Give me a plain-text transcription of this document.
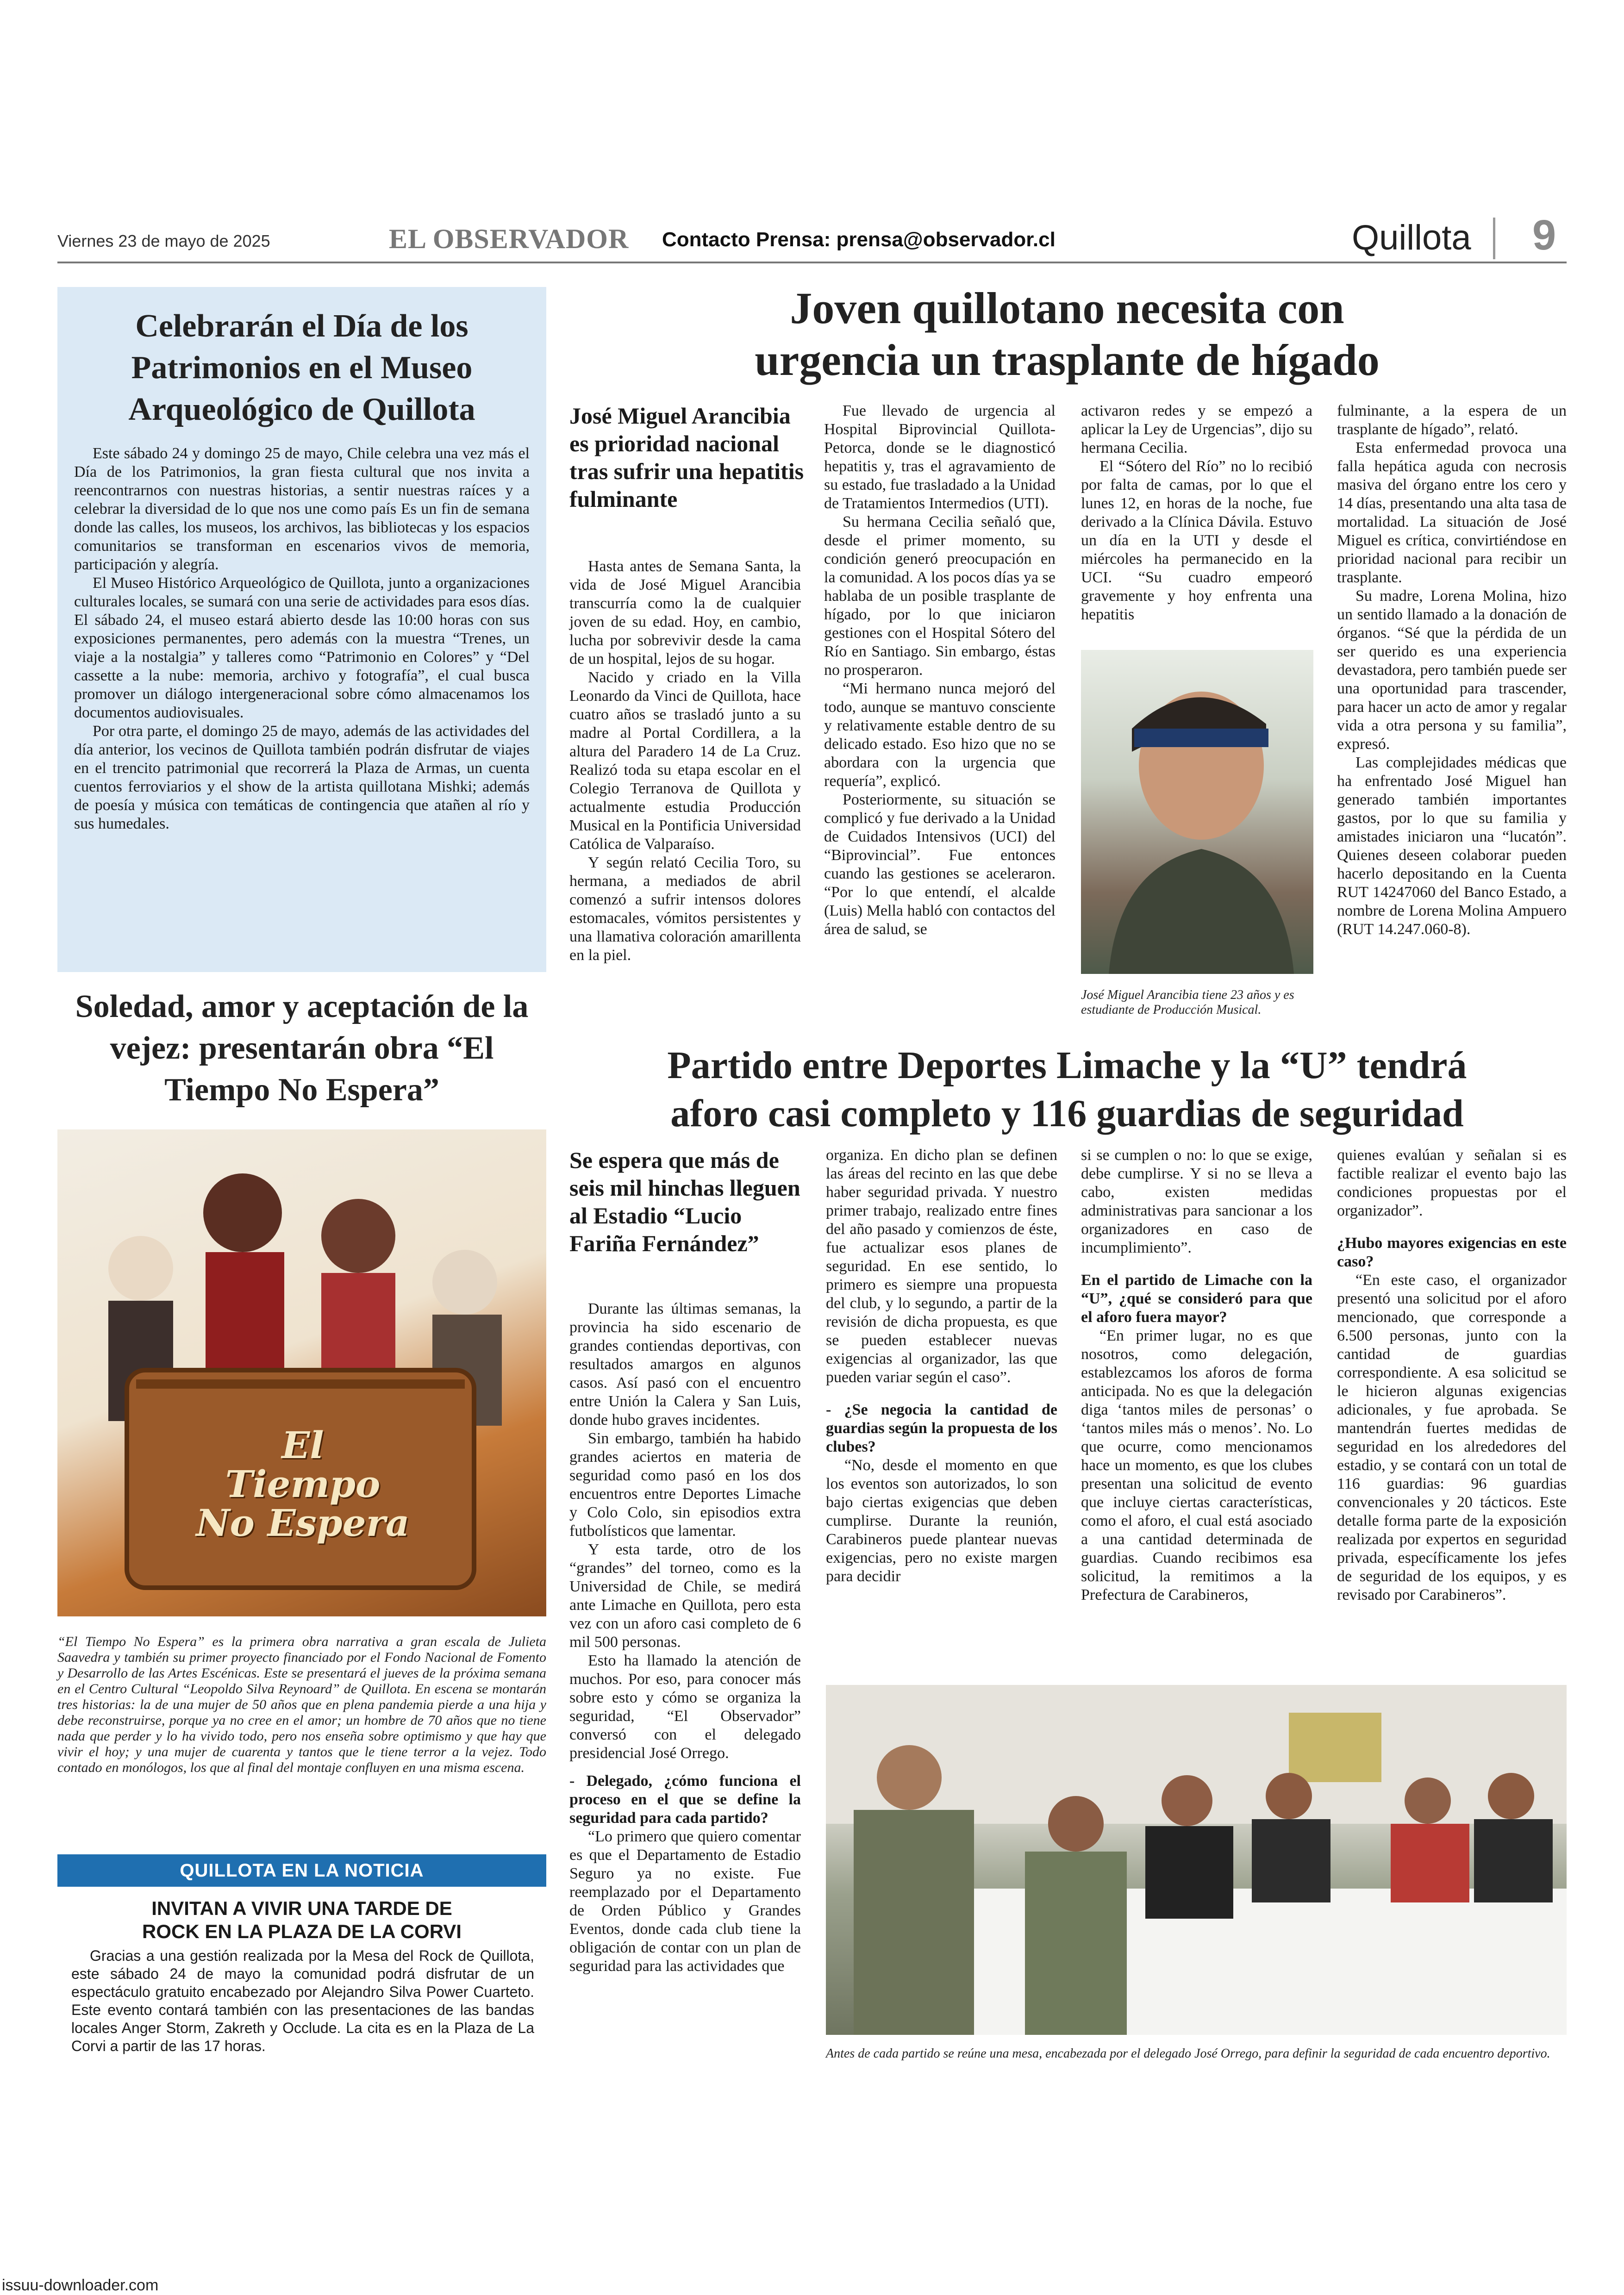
Viernes 23 de mayo de 2025	EL OBSERVADOR Contacto Prensa: prensa@observador.cl	Quillota 9
Celebrarán el Día de los Patrimonios en el Museo Arqueológico de Quillota

Este sábado 24 y domingo 25 de mayo, Chile celebra una vez más el Día de los Patrimonios, la gran fiesta cultural que nos invita a reencontrarnos con nuestras historias, a sentir nuestras raíces y a celebrar la diversidad de lo que nos une como país Es un fin de semana donde las calles, los museos, los archivos, las bibliotecas y los espacios comunitarios se transforman en escenarios vivos de memoria, participación y alegría.

El Museo Histórico Arqueológico de Quillota, junto a organizaciones culturales locales, se sumará con una serie de actividades para esos días. El sábado 24, el museo estará abierto desde las 10:00 horas con sus exposiciones permanentes, pero además con la muestra “Trenes, un viaje a la nostalgia” y talleres como “Patrimonio en Colores” y “Del cassette a la nube: memoria, archivo y fotografía”, el cual busca promover un diálogo intergeneracional sobre cómo almacenamos los documentos audiovisuales.

Por otra parte, el domingo 25 de mayo, además de las actividades del día anterior, los vecinos de Quillota también podrán disfrutar de viajes en el trencito patrimonial que recorrerá la Plaza de Armas, un cuenta cuentos ferroviarios y el show de la artista quillotana Mishki; además de poesía y música con temáticas de contingencia que atañen al río y sus humedales.

Soledad, amor y aceptación de la vejez: presentarán obra “El Tiempo No Espera”
El
Tiempo
No Espera
“El Tiempo No Espera” es la primera obra narrativa a gran escala de Julieta Saavedra y también su primer proyecto financiado por el Fondo Nacional de Fomento y Desarrollo de las Artes Escénicas. Este se presentará el jueves de la próxima semana en el Centro Cultural “Leopoldo Silva Reynoard” de Quillota. En escena se montarán tres historias: la de una mujer de 50 años que en plena pandemia pierde a una hija y debe reconstruirse, porque ya no cree en el amor; un hombre de 70 años que no tiene nada que perder y lo ha vivido todo, pero nos enseña sobre optimismo y que hay que vivir el hoy; y una mujer de cuarenta y tantos que le tiene terror a la vejez. Todo contado en monólogos, los que al final del montaje confluyen en una misma escena.
QUILLOTA EN LA NOTICIA
INVITAN A VIVIR UNA TARDE DE
ROCK EN LA PLAZA DE LA CORVI
Gracias a una gestión realizada por la Mesa del Rock de Quillota, este sábado 24 de mayo la comunidad podrá disfrutar de un espectáculo gratuito encabezado por Alejandro Silva Power Cuarteto. Este evento contará también con las presentaciones de las bandas locales Anger Storm, Zakreth y Occlude. La cita es en la Plaza de La Corvi a partir de las 17 horas.
Joven quillotano necesita con
urgencia un trasplante de hígado
José Miguel Arancibia es prioridad nacional tras sufrir una hepatitis fulminante

Hasta antes de Semana Santa, la vida de José Miguel Arancibia transcurría como la de cualquier joven de su edad. Hoy, en cambio, lucha por sobrevivir desde la cama de un hospital, lejos de su hogar.

Nacido y criado en la Villa Leonardo da Vinci de Quillota, hace cuatro años se trasladó junto a su madre al Portal Cordillera, a la altura del Paradero 14 de La Cruz. Realizó toda su etapa escolar en el Colegio Terranova de Quillota y actualmente estudia Producción Musical en la Pontificia Universidad Católica de Valparaíso.

Y según relató Cecilia Toro, su hermana, a mediados de abril comenzó a sufrir intensos dolores estomacales, vómitos persistentes y una llamativa coloración amarillenta en la piel.

Fue llevado de urgencia al Hospital Biprovincial Quillota-Petorca, donde se le diagnosticó hepatitis y, tras el agravamiento de su estado, fue trasladado a la Unidad de Tratamientos Intermedios (UTI).

Su hermana Cecilia señaló que, desde el primer momento, su condición generó preocupación en la comunidad. A los pocos días ya se hablaba de un posible trasplante de hígado, por lo que iniciaron gestiones con el Hospital Sótero del Río en Santiago. Sin embargo, éstas no prosperaron.

“Mi hermano nunca mejoró del todo, aunque se mantuvo consciente y relativamente estable dentro de su delicado estado. Eso hizo que no se abordara con la urgencia que requería”, explicó.

Posteriormente, su situación se complicó y fue derivado a la Unidad de Cuidados Intensivos (UCI) del “Biprovincial”. Fue entonces cuando las gestiones se aceleraron. “Por lo que entendí, el alcalde (Luis) Mella habló con contactos del área de salud, se

activaron redes y se empezó a aplicar la Ley de Urgencias”, dijo su hermana Cecilia.

El “Sótero del Río” no lo recibió por falta de camas, por lo que el lunes 12, en horas de la noche, fue derivado a la Clínica Dávila. Estuvo un día en la UTI y desde el miércoles ha permanecido en la UCI. “Su cuadro empeoró gravemente y hoy enfrenta una hepatitis

José Miguel Arancibia tiene 23 años y es estudiante de Producción Musical.

fulminante, a la espera de un trasplante de hígado”, relató.

Esta enfermedad provoca una falla hepática aguda con necrosis masiva del órgano entre los cero y 14 días, presentando una alta tasa de mortalidad. La situación de José Miguel es crítica, convirtiéndose en prioridad nacional para recibir un trasplante.

Su madre, Lorena Molina, hizo un sentido llamado a la donación de órganos. “Sé que la pérdida de un ser querido es una experiencia devastadora, pero también puede ser una oportunidad para trascender, para hacer un acto de amor y regalar vida a otra persona y su familia”, expresó.

Las complejidades médicas que ha enfrentado José Miguel han generado también importantes gastos, por lo que su familia y amistades iniciaron una “lucatón”. Quienes deseen colaborar pueden hacerlo depositando en la Cuenta RUT 14247060 del Banco Estado, a nombre de Lorena Molina Ampuero (RUT 14.247.060-8).

Partido entre Deportes Limache y la “U” tendrá
aforo casi completo y 116 guardias de seguridad
Se espera que más de seis mil hinchas lleguen al Estadio “Lucio Fariña Fernández”

Durante las últimas semanas, la provincia ha sido escenario de grandes contiendas deportivas, con resultados amargos en algunos casos. Así pasó con el encuentro entre Unión la Calera y San Luis, donde hubo graves incidentes.

Sin embargo, también ha habido grandes aciertos en materia de seguridad como pasó en los dos encuentros entre Deportes Limache y Colo Colo, sin episodios extra futbolísticos que lamentar.

Y esta tarde, otro de los “grandes” del torneo, como es la Universidad de Chile, se medirá ante Limache en Quillota, pero esta vez con un aforo casi completo de 6 mil 500 personas.

Esto ha llamado la atención de muchos. Por eso, para conocer más sobre esto y cómo se organiza la seguridad, “El Observador” conversó con el delegado presidencial José Orrego.

- Delegado, ¿cómo funciona el proceso en el que se define la seguridad para cada partido?

“Lo primero que quiero comentar es que el Departamento de Estadio Seguro ya no existe. Fue reemplazado por el Departamento de Orden Público y Grandes Eventos, donde cada club tiene la obligación de contar con un plan de seguridad para las actividades que

organiza. En dicho plan se definen las áreas del recinto en las que debe haber seguridad privada. Y nuestro primer trabajo, realizado entre fines del año pasado y comienzos de éste, fue actualizar esos planes de seguridad. En ese sentido, lo primero es siempre una propuesta del club, y lo segundo, a partir de la revisión de dicha propuesta, es que se pueden establecer nuevas exigencias al organizador, las que pueden variar según el caso”.

- ¿Se negocia la cantidad de guardias según la propuesta de los clubes?

“No, desde el momento en que los eventos son autorizados, lo son bajo ciertas exigencias que deben cumplirse. Durante la reunión, Carabineros puede plantear nuevas exigencias, pero no existe margen para decidir

si se cumplen o no: lo que se exige, debe cumplirse. Y si no se lleva a cabo, existen medidas administrativas para sancionar a los organizadores en caso de incumplimiento”.

En el partido de Limache con la “U”, ¿qué se consideró para que el aforo fuera mayor?

“En primer lugar, no es que nosotros, como delegación, establezcamos los aforos de forma anticipada. No es que la delegación diga ‘tantos miles de personas’ o ‘tantos miles más o menos’. No. Lo que ocurre, como mencionamos hace un momento, es que los clubes presentan una solicitud de evento que incluye ciertas características, como el aforo, el cual está asociado a una cantidad determinada de guardias. Cuando recibimos esa solicitud, la remitimos a la Prefectura de Carabineros,

quienes evalúan y señalan si es factible realizar el evento bajo las condiciones propuestas por el organizador”.

¿Hubo mayores exigencias en este caso?

“En este caso, el organizador presentó una solicitud por el aforo mencionado, que corresponde a 6.500 personas, junto con la cantidad de guardias correspondiente. A esa solicitud se le hicieron algunas exigencias adicionales, y fue aprobada. Se mantendrán fuertes medidas de seguridad en los alrededores del estadio, y se contará con un total de 116 guardias: 96 guardias convencionales y 20 tácticos. Este detalle forma parte de la exposición realizada por expertos en seguridad privada, específicamente los jefes de seguridad de los equipos, y es revisado por Carabineros”.

Antes de cada partido se reúne una mesa, encabezada por el delegado José Orrego, para definir la seguridad de cada encuentro deportivo.
issuu-downloader.com
